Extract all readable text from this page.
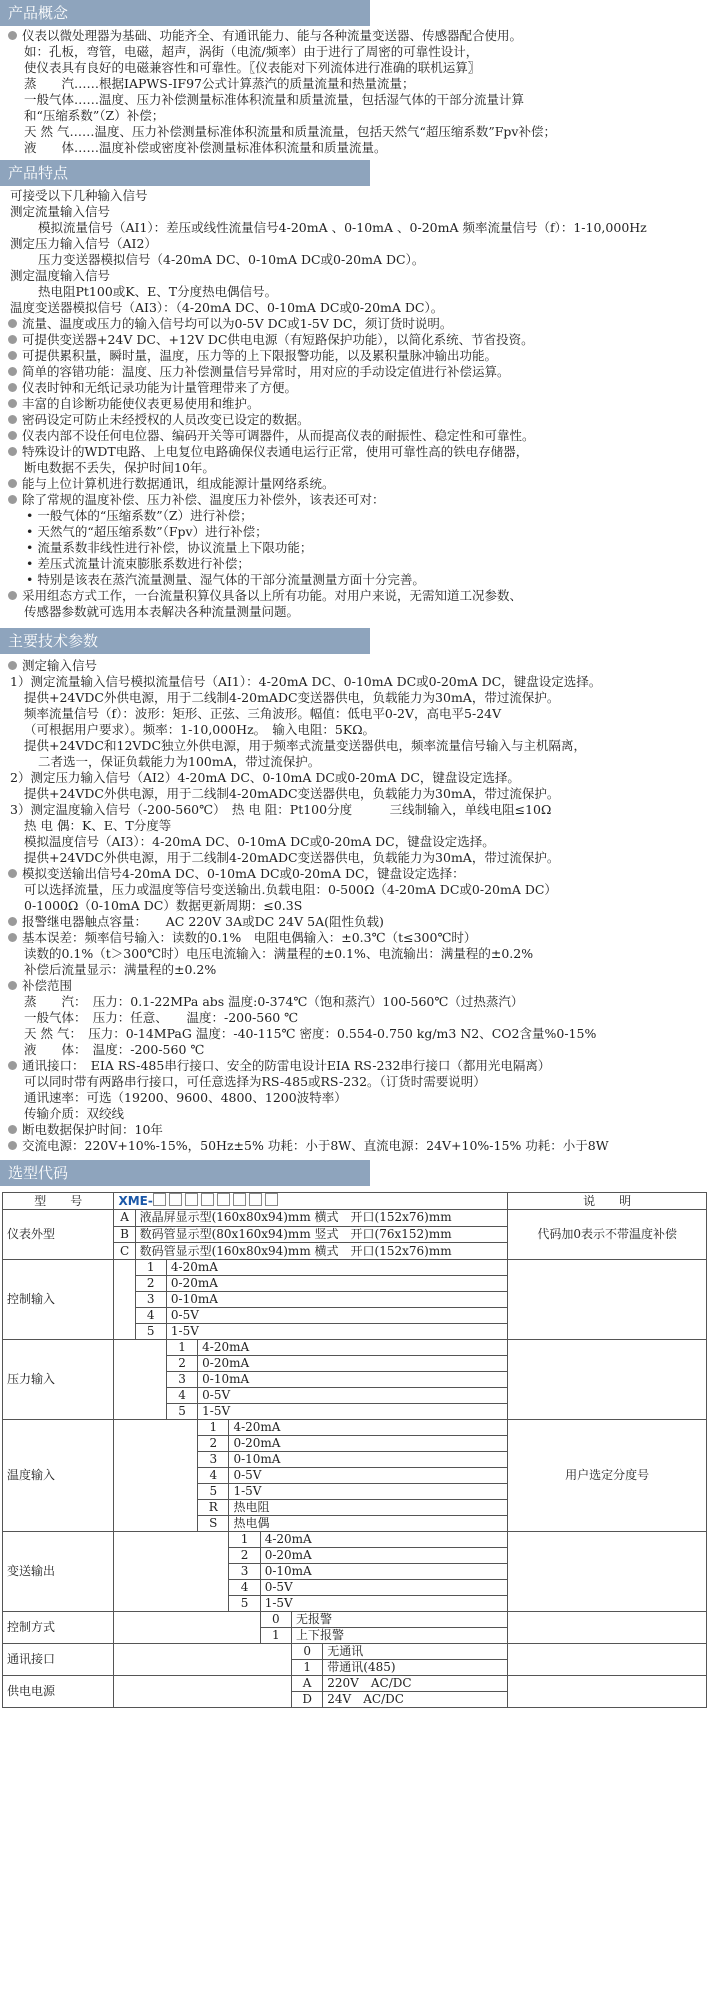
产品概念
仪表以微处理器为基础、功能齐全、有通讯能力、能与各种流量变送器、传感器配合使用。
如：孔板，弯管，电磁，超声，涡街（电流/频率）由于进行了周密的可靠性设计，
使仪表具有良好的电磁兼容性和可靠性。〖仪表能对下列流体进行准确的联机运算〗
蒸　　汽……根据IAPWS-IF97公式计算蒸汽的质量流量和热量流量；
一般气体……温度、压力补偿测量标准体积流量和质量流量，包括湿气体的干部分流量计算
和“压缩系数”（Z）补偿；
天 然 气……温度、压力补偿测量标准体积流量和质量流量，包括天然气“超压缩系数”Fpv补偿；
液　　体……温度补偿或密度补偿测量标准体积流量和质量流量。
产品特点
可接受以下几种输入信号
测定流量输入信号
模拟流量信号（AI1）：差压或线性流量信号4-20mA 、0-10mA 、0-20mA 频率流量信号（f）：1-10,000Hz
测定压力输入信号（AI2）
压力变送器模拟信号（4-20mA DC、0-10mA DC或0-20mA DC）。
测定温度输入信号
热电阻Pt100或K、E、T分度热电偶信号。
温度变送器模拟信号（AI3）：（4-20mA DC、0-10mA DC或0-20mA DC）。
流量、温度或压力的输入信号均可以为0-5V DC或1-5V DC，须订货时说明。
可提供变送器+24V DC、+12V DC供电电源（有短路保护功能），以简化系统、节省投资。
可提供累积量，瞬时量，温度，压力等的上下限报警功能，以及累积量脉冲输出功能。
简单的容错功能：温度、压力补偿测量信号异常时，用对应的手动设定值进行补偿运算。
仪表时钟和无纸记录功能为计量管理带来了方便。
丰富的自诊断功能使仪表更易使用和维护。
密码设定可防止未经授权的人员改变已设定的数据。
仪表内部不设任何电位器、编码开关等可调器件，从而提高仪表的耐振性、稳定性和可靠性。
特殊设计的WDT电路、上电复位电路确保仪表通电运行正常，使用可靠性高的铁电存储器，
断电数据不丢失，保护时间10年。
能与上位计算机进行数据通讯，组成能源计量网络系统。
除了常规的温度补偿、压力补偿、温度压力补偿外，该表还可对：
• 一般气体的“压缩系数”（Z）进行补偿；
• 天然气的“超压缩系数”（Fpv）进行补偿；
• 流量系数非线性进行补偿，协议流量上下限功能；
• 差压式流量计流束膨胀系数进行补偿；
• 特别是该表在蒸汽流量测量、湿气体的干部分流量测量方面十分完善。
采用组态方式工作，一台流量积算仪具备以上所有功能。对用户来说，无需知道工况参数、
传感器参数就可选用本表解决各种流量测量问题。
主要技术参数
测定输入信号
1）测定流量输入信号模拟流量信号（AI1）：4-20mA DC、0-10mA DC或0-20mA DC，键盘设定选择。
提供+24VDC外供电源，用于二线制4-20mADC变送器供电，负载能力为30mA，带过流保护。
频率流量信号（f）：波形：矩形、正弦、三角波形。幅值：低电平0-2V，高电平5-24V
（可根据用户要求）。频率：1-10,000Hz。　输入电阻：5KΩ。
提供+24VDC和12VDC独立外供电源，用于频率式流量变送器供电，频率流量信号输入与主机隔离，
二者选一，保证负载能力为100mA，带过流保护。
2）测定压力输入信号（AI2）4-20mA DC、0-10mA DC或0-20mA DC，键盘设定选择。
提供+24VDC外供电源，用于二线制4-20mADC变送器供电，负载能力为30mA，带过流保护。
3）测定温度输入信号（-200-560℃）　热 电 阻：Pt100分度　　　三线制输入，单线电阻≤10Ω
热 电 偶：K、E、T分度等
模拟温度信号（AI3）：4-20mA DC、0-10mA DC或0-20mA DC，键盘设定选择。
提供+24VDC外供电源，用于二线制4-20mADC变送器供电，负载能力为30mA，带过流保护。
模拟变送输出信号4-20mA DC、0-10mA DC或0-20mA DC，键盘设定选择：
可以选择流量，压力或温度等信号变送输出.负载电阻：0-500Ω（4-20mA DC或0-20mA DC）
0-1000Ω（0-10mA DC）数据更新周期：≤0.3S
报警继电器触点容量：　　AC 220V 3A或DC 24V 5A(阻性负载)
基本误差：频率信号输入：读数的0.1%　电阻电偶输入：±0.3℃（t≤300℃时）
读数的0.1%（t＞300℃时）电压电流输入：满量程的±0.1%、电流输出：满量程的±0.2%
补偿后流量显示：满量程的±0.2%
补偿范围
蒸　　汽：　压力：0.1-22MPa abs 温度:0-374℃（饱和蒸汽）100-560℃（过热蒸汽）
一般气体：　压力：任意、　　温度：-200-560 ℃
天 然 气：　压力：0-14MPaG 温度：-40-115℃ 密度：0.554-0.750 kg/m3 N2、CO2含量%0-15%
液　　体：　温度：-200-560 ℃
通讯接口：　EIA RS-485串行接口、安全的防雷电设计EIA RS-232串行接口（都用光电隔离）
可以同时带有两路串行接口，可任意选择为RS-485或RS-232。（订货时需要说明）
通讯速率：可选（19200、9600、4800、1200波特率）
传输介质：双绞线
断电数据保护时间：10年
交流电源：220V+10%-15%，50Hz±5% 功耗：小于8W、直流电源：24V+10%-15% 功耗：小于8W
选型代码
型　　号	XME-								说　　明
仪表外型	A	液晶屏显示型(160x80x94)mm 横式　开口(152x76)mm							代码加0表示不带温度补偿
	B	数码管显示型(80x160x94)mm 竖式　开口(76x152)mm							
	C	数码管显示型(160x80x94)mm 横式　开口(152x76)mm							
控制输入		1	4-20mA						
		2	0-20mA						
		3	0-10mA						
		4	0-5V						
		5	1-5V						
压力输入			1	4-20mA					
			2	0-20mA					
			3	0-10mA					
			4	0-5V					
			5	1-5V					
温度输入				1	4-20mA				用户选定分度号
				2	0-20mA				
				3	0-10mA				
				4	0-5V				
				5	1-5V				
				R	热电阻				
				S	热电偶				
变送输出					1	4-20mA			
					2	0-20mA			
					3	0-10mA			
					4	0-5V			
					5	1-5V			
控制方式						0	无报警		
						1	上下报警		
通讯接口							0	无通讯	
							1	带通讯(485)	
供电电源							A	220V　AC/DC	
							D	24V　AC/DC	
